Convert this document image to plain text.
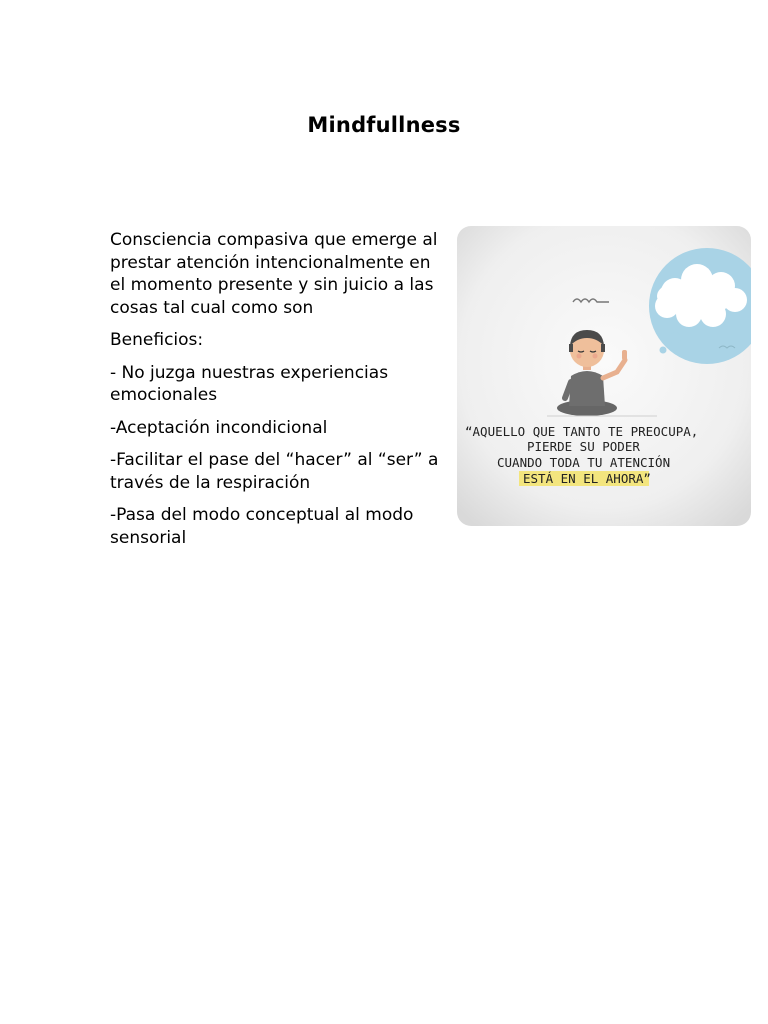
Mindfullness

Consciencia compasiva que emerge al prestar atención intencionalmente en el momento presente y sin juicio a las cosas tal cual como son

Beneficios:

- No juzga nuestras experiencias emocionales

-Aceptación incondicional

-Facilitar el pase del “hacer” al “ser” a través de la respiración

-Pasa del modo conceptual al modo sensorial

“AQUELLO QUE TANTO TE PREOCUPA,
PIERDE SU PODER
CUANDO TODA TU ATENCIÓN
ESTÁ EN EL AHORA”
